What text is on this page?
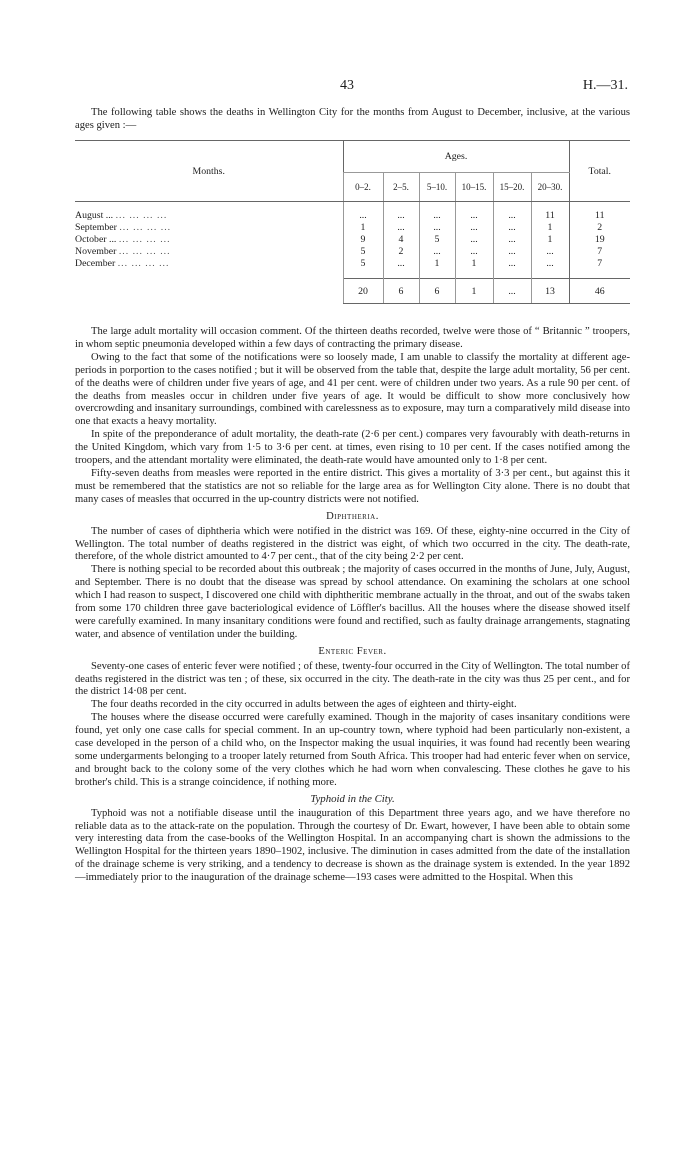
43	H.—31.

The following table shows the deaths in Wellington City for the months from August to December, inclusive, at the various ages given :—

Months.	Ages.						Total.
	0–2.	2–5.	5–10.	10–15.	15–20.	20–30.	

August ... ... ... ... ...	...	...	...	...	...	11	11
September ... ... ... ...	1	...	...	...	...	1	2
October ... ... ... ... ...	9	4	5	...	...	1	19
November ... ... ... ...	5	2	...	...	...	...	7
December ... ... ... ...	5	...	1	1	...	...	7

	20	6	6	1	...	13	46

The large adult mortality will occasion comment. Of the thirteen deaths recorded, twelve were those of “ Britannic ” troopers, in whom septic pneumonia developed within a few days of contracting the primary disease.

Owing to the fact that some of the notifications were so loosely made, I am unable to classify the mortality at different age-periods in porportion to the cases notified ; but it will be observed from the table that, despite the large adult mortality, 56 per cent. of the deaths were of children under five years of age, and 41 per cent. were of children under two years. As a rule 90 per cent. of the deaths from measles occur in children under five years of age. It would be difficult to show more conclusively how overcrowding and insanitary surroundings, combined with carelessness as to exposure, may turn a comparatively mild disease into one that exacts a heavy mortality.

In spite of the preponderance of adult mortality, the death-rate (2·6 per cent.) compares very favourably with death-returns in the United Kingdom, which vary from 1·5 to 3·6 per cent. at times, even rising to 10 per cent. If the cases notified among the troopers, and the attendant mortality were eliminated, the death-rate would have amounted only to 1·8 per cent.

Fifty-seven deaths from measles were reported in the entire district. This gives a mortality of 3·3 per cent., but against this it must be remembered that the statistics are not so reliable for the large area as for Wellington City alone. There is no doubt that many cases of measles that occurred in the up-country districts were not notified.

Diphtheria.

The number of cases of diphtheria which were notified in the district was 169. Of these, eighty-nine occurred in the City of Wellington. The total number of deaths registered in the district was eight, of which two occurred in the city. The death-rate, therefore, of the whole district amounted to 4·7 per cent., that of the city being 2·2 per cent.

There is nothing special to be recorded about this outbreak ; the majority of cases occurred in the months of June, July, August, and September. There is no doubt that the disease was spread by school attendance. On examining the scholars at one school which I had reason to suspect, I discovered one child with diphtheritic membrane actually in the throat, and out of the swabs taken from some 170 children three gave bacteriological evidence of Löffler's bacillus. All the houses where the disease showed itself were carefully examined. In many insanitary conditions were found and rectified, such as faulty drainage arrangements, stagnating water, and absence of ventilation under the building.

Enteric Fever.

Seventy-one cases of enteric fever were notified ; of these, twenty-four occurred in the City of Wellington. The total number of deaths registered in the district was ten ; of these, six occurred in the city. The death-rate in the city was thus 25 per cent., and for the district 14·08 per cent.

The four deaths recorded in the city occurred in adults between the ages of eighteen and thirty-eight.

The houses where the disease occurred were carefully examined. Though in the majority of cases insanitary conditions were found, yet only one case calls for special comment. In an up-country town, where typhoid had been particularly non-existent, a case developed in the person of a child who, on the Inspector making the usual inquiries, it was found had recently been wearing some undergarments belonging to a trooper lately returned from South Africa. This trooper had had enteric fever when on service, and brought back to the colony some of the very clothes which he had worn when convalescing. These clothes he gave to his brother's child. This is a strange coincidence, if nothing more.

Typhoid in the City.

Typhoid was not a notifiable disease until the inauguration of this Department three years ago, and we have therefore no reliable data as to the attack-rate on the population. Through the courtesy of Dr. Ewart, however, I have been able to obtain some very interesting data from the case-books of the Wellington Hospital. In an accompanying chart is shown the admissions to the Wellington Hospital for the thirteen years 1890–1902, inclusive. The diminution in cases admitted from the date of the installation of the drainage scheme is very striking, and a tendency to decrease is shown as the drainage system is extended. In the year 1892—immediately prior to the inauguration of the drainage scheme—193 cases were admitted to the Hospital. When this
